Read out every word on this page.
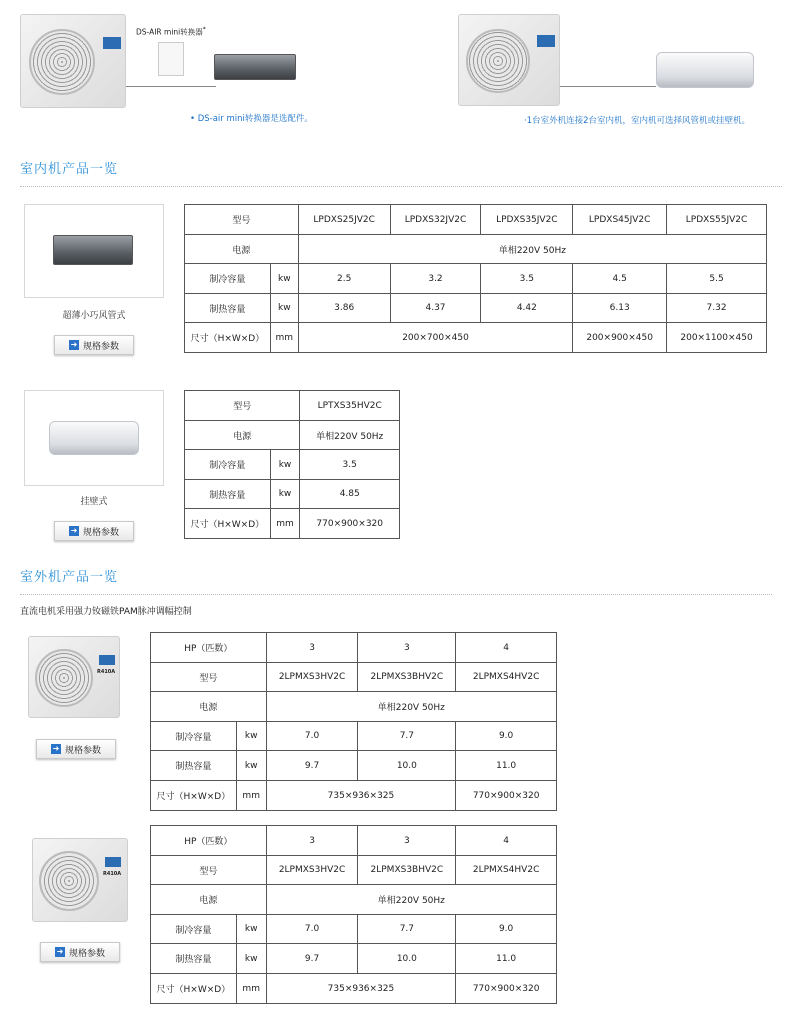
DS-AIR mini转换器*
• DS-air mini转换器是选配件。	·1台室外机连接2台室内机，室内机可选择风管机或挂壁机。
室内机产品一览
超薄小巧风管式
➜ 规格参数
型号		LPDXS25JV2C	LPDXS32JV2C	LPDXS35JV2C	LPDXS45JV2C	LPDXS55JV2C
电源		单相220V 50Hz				
制冷容量	kw	2.5	3.2	3.5	4.5	5.5
制热容量	kw	3.86	4.37	4.42	6.13	7.32
尺寸（H×W×D）	mm	200×700×450			200×900×450	200×1100×450
挂壁式
➜ 规格参数
型号		LPTXS35HV2C
电源		单相220V 50Hz
制冷容量	kw	3.5
制热容量	kw	4.85
尺寸（H×W×D）	mm	770×900×320
室外机产品一览
直流电机采用强力钕磁铁PAM脉冲调幅控制
R410A
➜ 规格参数
HP（匹数）		3	3	4
型号		2LPMXS3HV2C	2LPMXS3BHV2C	2LPMXS4HV2C
电源		单相220V 50Hz		
制冷容量	kw	7.0	7.7	9.0
制热容量	kw	9.7	10.0	11.0
尺寸（H×W×D）	mm	735×936×325		770×900×320
R410A
➜ 规格参数
HP（匹数）		3	3	4
型号		2LPMXS3HV2C	2LPMXS3BHV2C	2LPMXS4HV2C
电源		单相220V 50Hz		
制冷容量	kw	7.0	7.7	9.0
制热容量	kw	9.7	10.0	11.0
尺寸（H×W×D）	mm	735×936×325		770×900×320
